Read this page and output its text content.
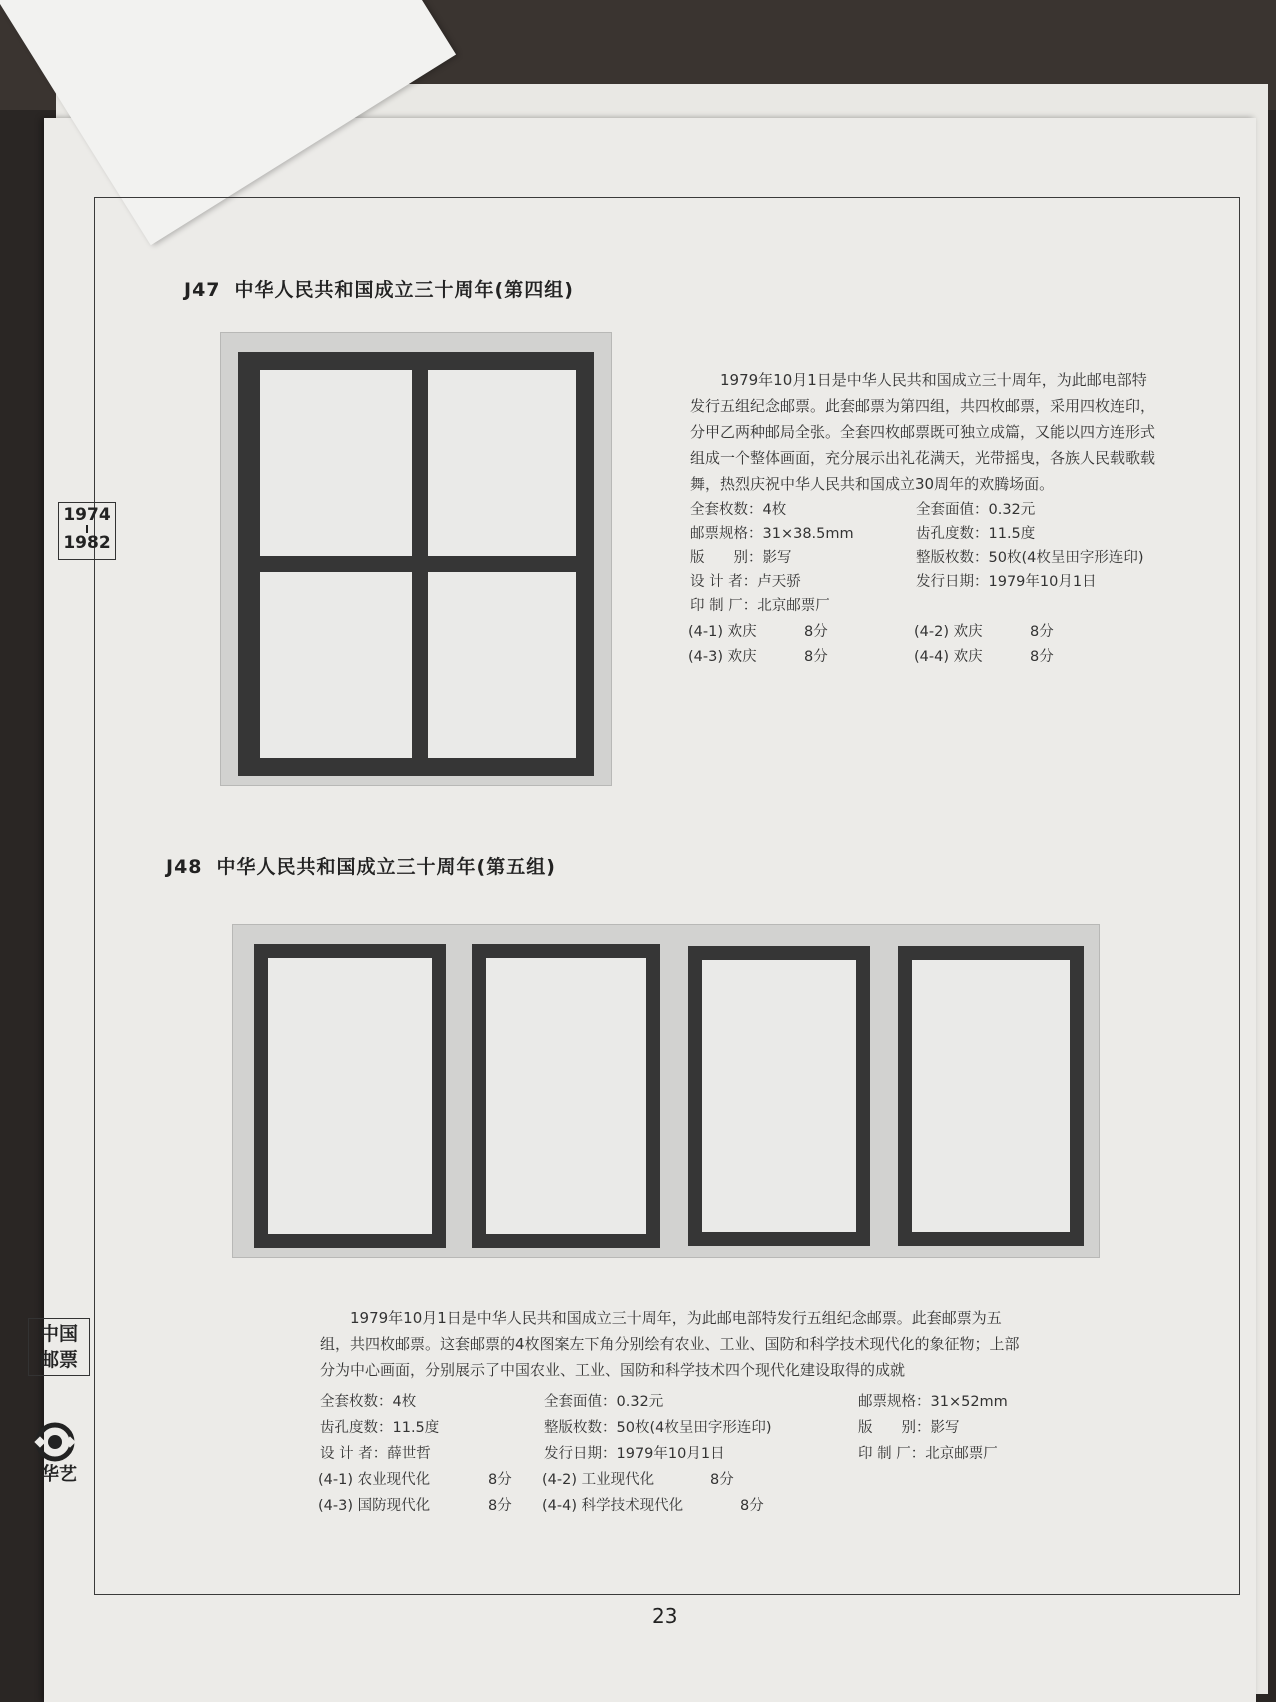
1974
1982
中国
邮票
华艺
J47 中华人民共和国成立三十周年(第四组)
1979年10月1日是中华人民共和国成立三十周年，为此邮电部特发行五组纪念邮票。此套邮票为第四组，共四枚邮票，采用四枚连印，分甲乙两种邮局全张。全套四枚邮票既可独立成篇，又能以四方连形式组成一个整体画面，充分展示出礼花满天，光带摇曳，各族人民载歌载舞，热烈庆祝中华人民共和国成立30周年的欢腾场面。
全套枚数：4枚	全套面值：0.32元
邮票规格：31×38.5mm	齿孔度数：11.5度
版　　别：影写	整版枚数：50枚(4枚呈田字形连印)
设 计 者：卢天骄	发行日期：1979年10月1日
印 制 厂：北京邮票厂
(4-1) 欢庆	8分	(4-2) 欢庆	8分
(4-3) 欢庆	8分	(4-4) 欢庆	8分
J48 中华人民共和国成立三十周年(第五组)
1979年10月1日是中华人民共和国成立三十周年，为此邮电部特发行五组纪念邮票。此套邮票为五组，共四枚邮票。这套邮票的4枚图案左下角分别绘有农业、工业、国防和科学技术现代化的象征物；上部分为中心画面，分别展示了中国农业、工业、国防和科学技术四个现代化建设取得的成就
全套枚数：4枚	全套面值：0.32元	邮票规格：31×52mm
齿孔度数：11.5度	整版枚数：50枚(4枚呈田字形连印)	版　　别：影写
设 计 者：薛世哲	发行日期：1979年10月1日	印 制 厂：北京邮票厂
(4-1) 农业现代化	8分 (4-2) 工业现代化	8分
(4-3) 国防现代化	8分 (4-4) 科学技术现代化	8分
23
